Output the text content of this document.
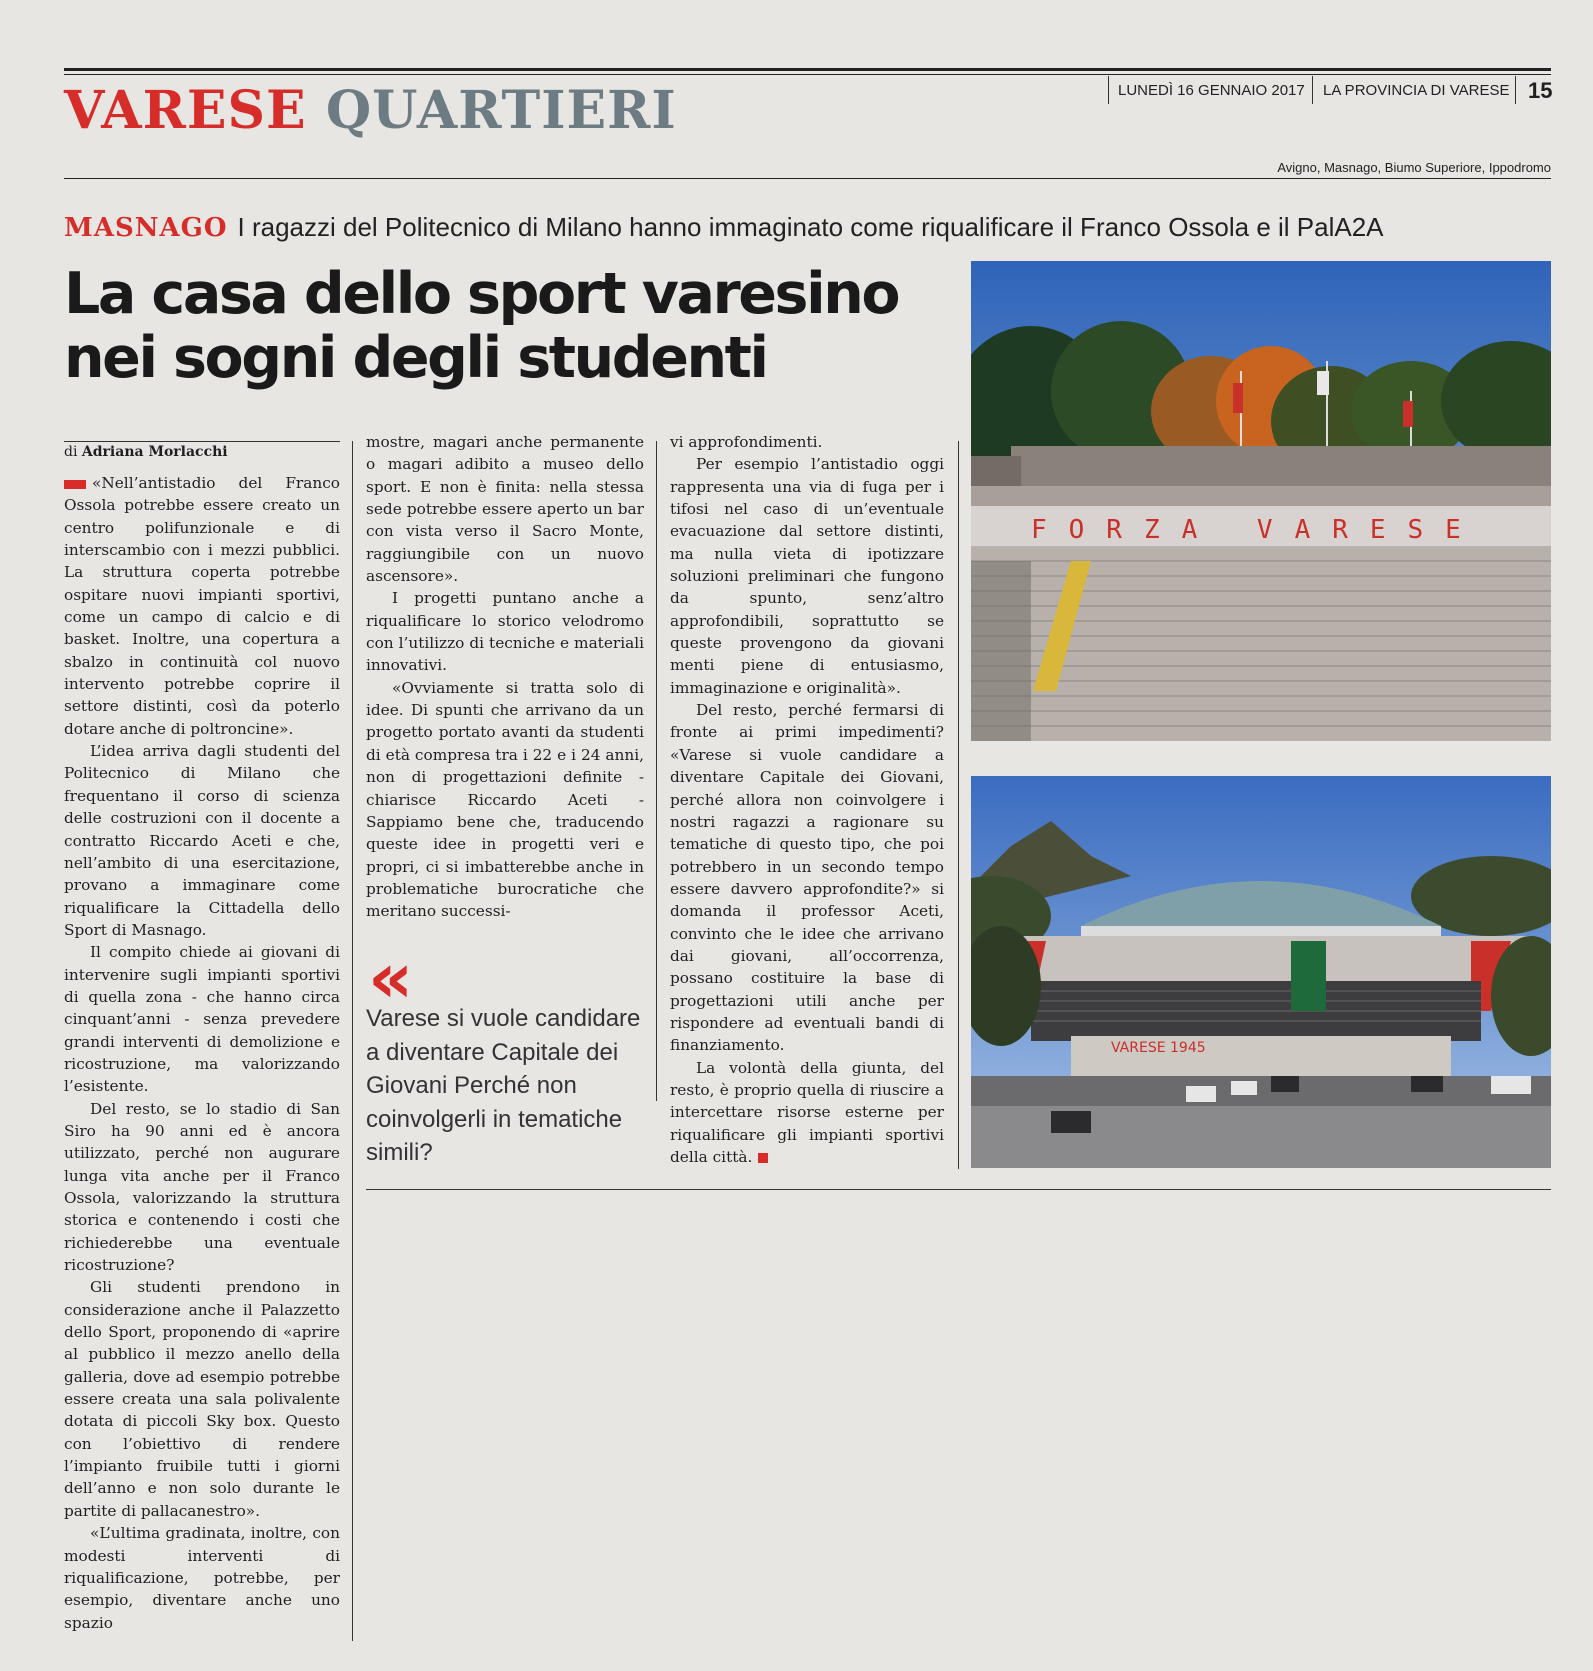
VARESE QUARTIERI	LUNEDÌ 16 GENNAIO 2017 LA PROVINCIA DI VARESE 15
Avigno, Masnago, Biumo Superiore, Ippodromo
MASNAGO I ragazzi del Politecnico di Milano hanno immaginato come riqualificare il Franco Ossola e il PalA2A
La casa dello sport varesino
nei sogni degli studenti
di Adriana Morlacchi

«Nell’antistadio del Franco Ossola potrebbe essere creato un centro polifunzionale e di interscambio con i mezzi pubblici. La struttura coperta potrebbe ospitare nuovi impianti sportivi, come un campo di calcio e di basket. Inoltre, una copertura a sbalzo in continuità col nuovo intervento potrebbe coprire il settore distinti, così da poterlo dotare anche di poltroncine».

L’idea arriva dagli studenti del Politecnico di Milano che frequentano il corso di scienza delle costruzioni con il docente a contratto Riccardo Aceti e che, nell’ambito di una esercitazione, provano a immaginare come riqualificare la Cittadella dello Sport di Masnago.

Il compito chiede ai giovani di intervenire sugli impianti sportivi di quella zona - che hanno circa cinquant’anni - senza prevedere grandi interventi di demolizione e ricostruzione, ma valorizzando l’esistente.

Del resto, se lo stadio di San Siro ha 90 anni ed è ancora utilizzato, perché non augurare lunga vita anche per il Franco Ossola, valorizzando la struttura storica e contenendo i costi che richiederebbe una eventuale ricostruzione?

Gli studenti prendono in considerazione anche il Palazzetto dello Sport, proponendo di «aprire al pubblico il mezzo anello della galleria, dove ad esempio potrebbe essere creata una sala polivalente dotata di piccoli Sky box. Questo con l’obiettivo di rendere l’impianto fruibile tutti i giorni dell’anno e non solo durante le partite di pallacanestro».

«L’ultima gradinata, inoltre, con modesti interventi di riqualificazione, potrebbe, per esempio, diventare anche uno spazio

mostre, magari anche permanente o magari adibito a museo dello sport. E non è finita: nella stessa sede potrebbe essere aperto un bar con vista verso il Sacro Monte, raggiungibile con un nuovo ascensore».

I progetti puntano anche a riqualificare lo storico velodromo con l’utilizzo di tecniche e materiali innovativi.

«Ovviamente si tratta solo di idee. Di spunti che arrivano da un progetto portato avanti da studenti di età compresa tra i 22 e i 24 anni, non di progettazioni definite - chiarisce Riccardo Aceti - Sappiamo bene che, traducendo queste idee in progetti veri e propri, ci si imbatterebbe anche in problematiche burocratiche che meritano successi-

«
Varese si vuole candidare a diventare Capitale dei Giovani Perché non coinvolgerli in tematiche simili?

vi approfondimenti.

Per esempio l’antistadio oggi rappresenta una via di fuga per i tifosi nel caso di un’eventuale evacuazione dal settore distinti, ma nulla vieta di ipotizzare soluzioni preliminari che fungono da spunto, senz’altro approfondibili, soprattutto se queste provengono da giovani menti piene di entusiasmo, immaginazione e originalità».

Del resto, perché fermarsi di fronte ai primi impedimenti? «Varese si vuole candidare a diventare Capitale dei Giovani, perché allora non coinvolgere i nostri ragazzi a ragionare su tematiche di questo tipo, che poi potrebbero in un secondo tempo essere davvero approfondite?» si domanda il professor Aceti, convinto che le idee che arrivano dai giovani, all’occorrenza, possano costituire la base di progettazioni utili anche per rispondere ad eventuali bandi di finanziamento.

La volontà della giunta, del resto, è proprio quella di riuscire a intercettare risorse esterne per riqualificare gli impianti sportivi della città.

FORZA VARESE
VARESE 1945
